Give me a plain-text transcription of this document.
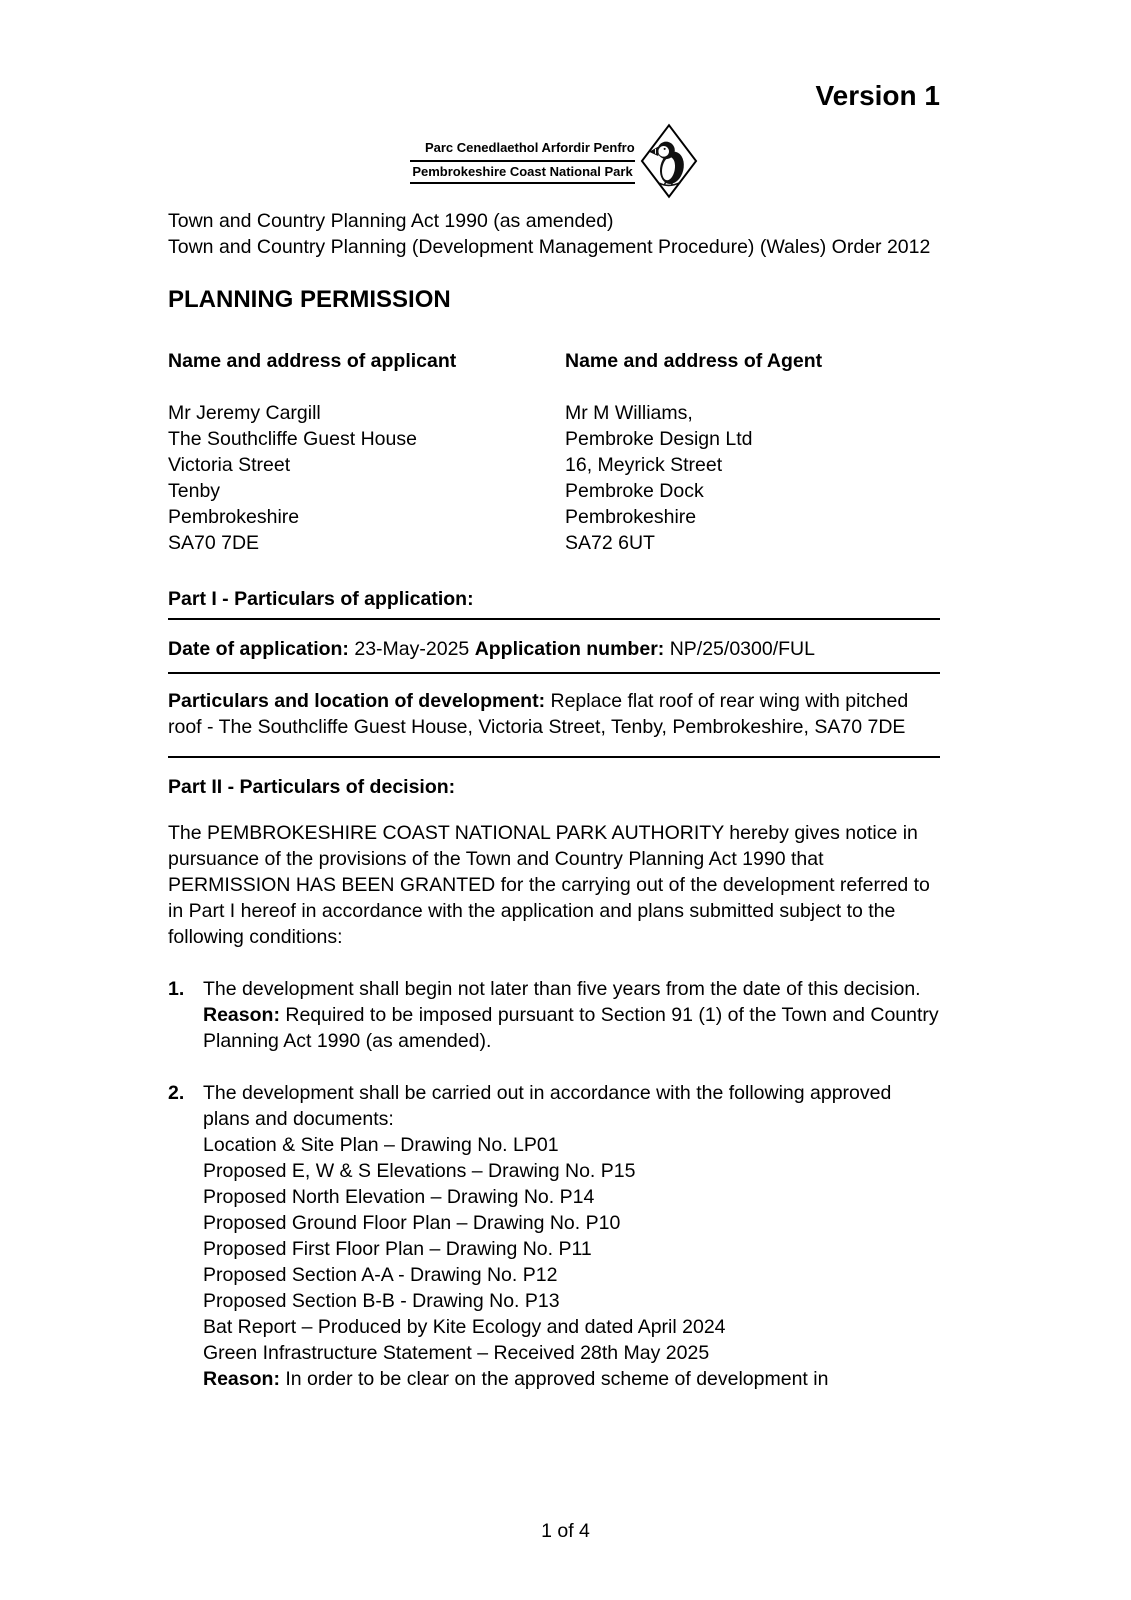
Version 1
Parc Cenedlaethol Arfordir Penfro
Pembrokeshire Coast National Park
Town and Country Planning Act 1990 (as amended)
Town and Country Planning (Development Management Procedure) (Wales) Order 2012
PLANNING PERMISSION
Name and address of applicant
Mr Jeremy Cargill
The Southcliffe Guest House
Victoria Street
Tenby
Pembrokeshire
SA70 7DE
Name and address of Agent
Mr M Williams,
Pembroke Design Ltd
16, Meyrick Street
Pembroke Dock
Pembrokeshire
SA72 6UT
Part I - Particulars of application:
Date of application: 23-May-2025 Application number: NP/25/0300/FUL

Particulars and location of development: Replace flat roof of rear wing with pitched roof - The Southcliffe Guest House, Victoria Street, Tenby, Pembrokeshire, SA70 7DE

Part II - Particulars of decision:

The PEMBROKESHIRE COAST NATIONAL PARK AUTHORITY hereby gives notice in pursuance of the provisions of the Town and Country Planning Act 1990 that PERMISSION HAS BEEN GRANTED for the carrying out of the development referred to in Part I hereof in accordance with the application and plans submitted subject to the following conditions:

1. The development shall begin not later than five years from the date of this decision.
Reason: Required to be imposed pursuant to Section 91 (1) of the Town and Country Planning Act 1990 (as amended).
2. The development shall be carried out in accordance with the following approved plans and documents:
Location & Site Plan – Drawing No. LP01
Proposed E, W & S Elevations – Drawing No. P15
Proposed North Elevation – Drawing No. P14
Proposed Ground Floor Plan – Drawing No. P10
Proposed First Floor Plan – Drawing No. P11
Proposed Section A-A - Drawing No. P12
Proposed Section B-B - Drawing No. P13
Bat Report – Produced by Kite Ecology and dated April 2024
Green Infrastructure Statement – Received 28th May 2025
Reason: In order to be clear on the approved scheme of development in
1 of 4
